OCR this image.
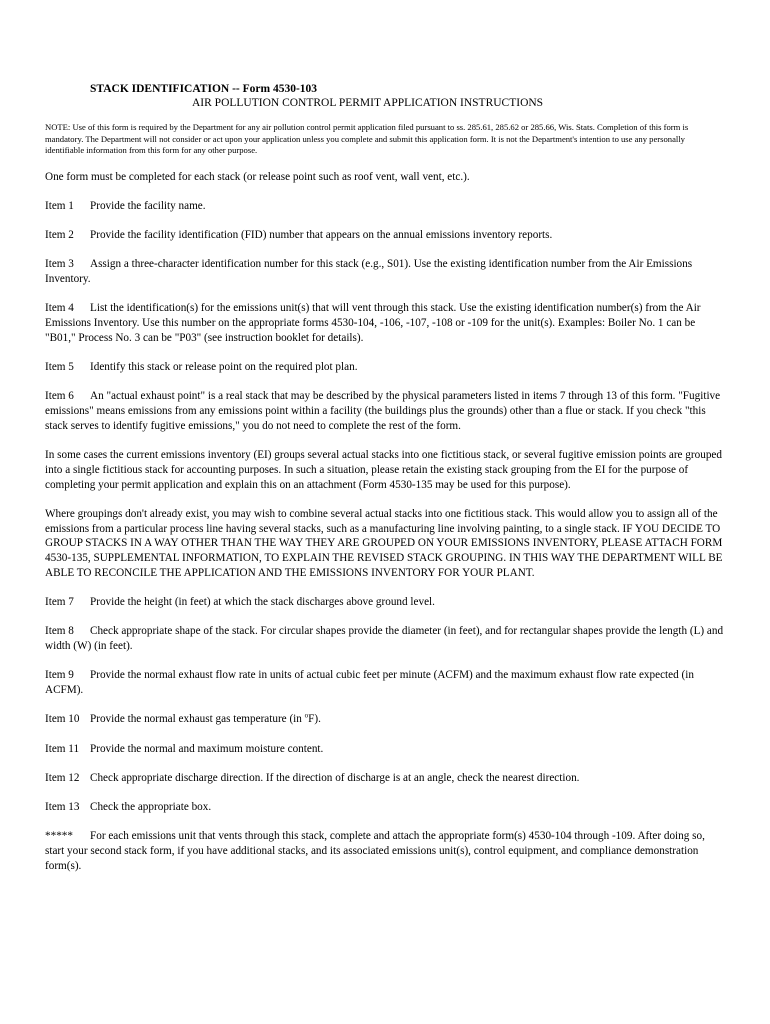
STACK IDENTIFICATION -- Form 4530-103
AIR POLLUTION CONTROL PERMIT APPLICATION INSTRUCTIONS
NOTE: Use of this form is required by the Department for any air pollution control permit application filed pursuant to ss. 285.61, 285.62 or 285.66, Wis. Stats. Completion of this form is mandatory. The Department will not consider or act upon your application unless you complete and submit this application form. It is not the Department's intention to use any personally identifiable information from this form for any other purpose.
One form must be completed for each stack (or release point such as roof vent, wall vent, etc.).
Item 1 Provide the facility name.
Item 2 Provide the facility identification (FID) number that appears on the annual emissions inventory reports.
Item 3 Assign a three-character identification number for this stack (e.g., S01). Use the existing identification number from the Air Emissions Inventory.
Item 4 List the identification(s) for the emissions unit(s) that will vent through this stack. Use the existing identification number(s) from the Air Emissions Inventory. Use this number on the appropriate forms 4530-104, -106, -107, -108 or -109 for the unit(s). Examples: Boiler No. 1 can be "B01," Process No. 3 can be "P03" (see instruction booklet for details).
Item 5 Identify this stack or release point on the required plot plan.
Item 6 An "actual exhaust point" is a real stack that may be described by the physical parameters listed in items 7 through 13 of this form. "Fugitive emissions" means emissions from any emissions point within a facility (the buildings plus the grounds) other than a flue or stack. If you check "this stack serves to identify fugitive emissions," you do not need to complete the rest of the form.
In some cases the current emissions inventory (EI) groups several actual stacks into one fictitious stack, or several fugitive emission points are grouped into a single fictitious stack for accounting purposes. In such a situation, please retain the existing stack grouping from the EI for the purpose of completing your permit application and explain this on an attachment (Form 4530-135 may be used for this purpose).
Where groupings don't already exist, you may wish to combine several actual stacks into one fictitious stack. This would allow you to assign all of the emissions from a particular process line having several stacks, such as a manufacturing line involving painting, to a single stack. IF YOU DECIDE TO GROUP STACKS IN A WAY OTHER THAN THE WAY THEY ARE GROUPED ON YOUR EMISSIONS INVENTORY, PLEASE ATTACH FORM 4530-135, SUPPLEMENTAL INFORMATION, TO EXPLAIN THE REVISED STACK GROUPING. IN THIS WAY THE DEPARTMENT WILL BE ABLE TO RECONCILE THE APPLICATION AND THE EMISSIONS INVENTORY FOR YOUR PLANT.
Item 7 Provide the height (in feet) at which the stack discharges above ground level.
Item 8 Check appropriate shape of the stack. For circular shapes provide the diameter (in feet), and for rectangular shapes provide the length (L) and width (W) (in feet).
Item 9 Provide the normal exhaust flow rate in units of actual cubic feet per minute (ACFM) and the maximum exhaust flow rate expected (in ACFM).
Item 10 Provide the normal exhaust gas temperature (in $^o$F).
Item 11 Provide the normal and maximum moisture content.
Item 12 Check appropriate discharge direction. If the direction of discharge is at an angle, check the nearest direction.
Item 13 Check the appropriate box.
***** For each emissions unit that vents through this stack, complete and attach the appropriate form(s) 4530-104 through -109. After doing so, start your second stack form, if you have additional stacks, and its associated emissions unit(s), control equipment, and compliance demonstration form(s).
